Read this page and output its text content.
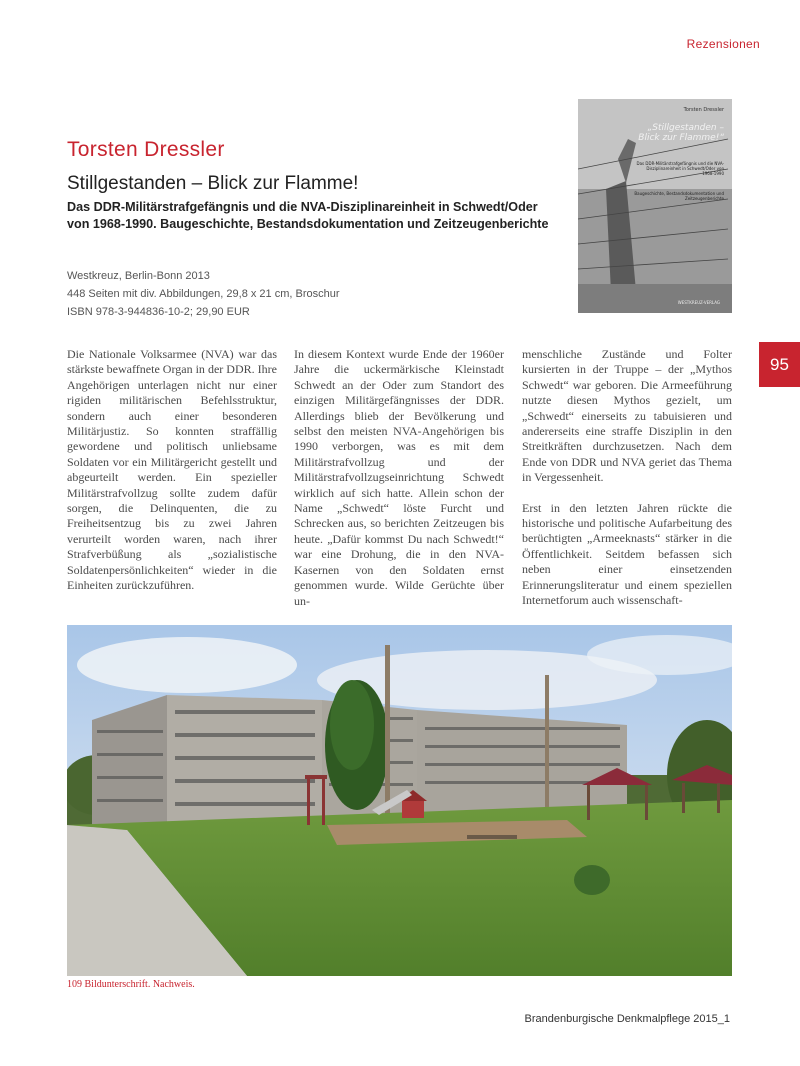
Rezensionen
Torsten Dressler
Stillgestanden – Blick zur Flamme!
Das DDR-Militärstrafgefängnis und die NVA-Disziplinareinheit in Schwedt/Oder von 1968-1990. Baugeschichte, Bestandsdokumentation und Zeitzeugenberichte
Westkreuz, Berlin-Bonn 2013
448 Seiten mit div. Abbildungen, 29,8 x 21 cm, Broschur
ISBN 978-3-944836-10-2; 29,90 EUR
Torsten Dressler
„Stillgestanden – Blick zur Flamme!“
Das DDR-Militärstrafgefängnis und die NVA-Disziplinareinheit in Schwedt/Oder von 1968-1990
Baugeschichte, Bestandsdokumentation und Zeitzeugenberichte
WESTKREUZ-VERLAG
95

Die Nationale Volksarmee (NVA) war das stärkste bewaffnete Organ in der DDR. Ihre Angehörigen unterlagen nicht nur einer rigiden militärischen Befehlsstruktur, sondern auch einer besonderen Militärjustiz. So konnten straffällig gewordene und politisch unliebsame Soldaten vor ein Militärgericht gestellt und abgeurteilt werden. Ein spezieller Militärstrafvollzug sollte zudem dafür sorgen, die Delinquenten, die zu Freiheitsentzug bis zu zwei Jahren verurteilt worden waren, nach ihrer Strafverbüßung als „sozialistische Soldatenpersönlichkeiten“ wieder in die Einheiten zurückzuführen.

In diesem Kontext wurde Ende der 1960er Jahre die uckermärkische Kleinstadt Schwedt an der Oder zum Standort des einzigen Militärgefängnisses der DDR. Allerdings blieb der Bevölkerung und selbst den meisten NVA-Angehörigen bis 1990 verborgen, was es mit dem Militärstrafvollzug und der Militärstrafvollzugseinrichtung Schwedt wirklich auf sich hatte. Allein schon der Name „Schwedt“ löste Furcht und Schrecken aus, so berichten Zeitzeugen bis heute. „Dafür kommst Du nach Schwedt!“ war eine Drohung, die in den NVA-Kasernen von den Soldaten ernst genommen wurde. Wilde Gerüchte über un-

menschliche Zustände und Folter kursierten in der Truppe – der „Mythos Schwedt“ war geboren. Die Armeeführung nutzte diesen Mythos gezielt, um „Schwedt“ einerseits zu tabuisieren und andererseits eine straffe Disziplin in den Streitkräften durchzusetzen. Nach dem Ende von DDR und NVA geriet das Thema in Vergessenheit.

Erst in den letzten Jahren rückte die historische und politische Aufarbeitung des berüchtigten „Armeeknasts“ stärker in die Öffentlichkeit. Seitdem befassen sich neben einer einsetzenden Erinnerungsliteratur und einem speziellen Internetforum auch wissenschaft-

109 Bildunterschrift. Nachweis.
Brandenburgische Denkmalpflege 2015_1
